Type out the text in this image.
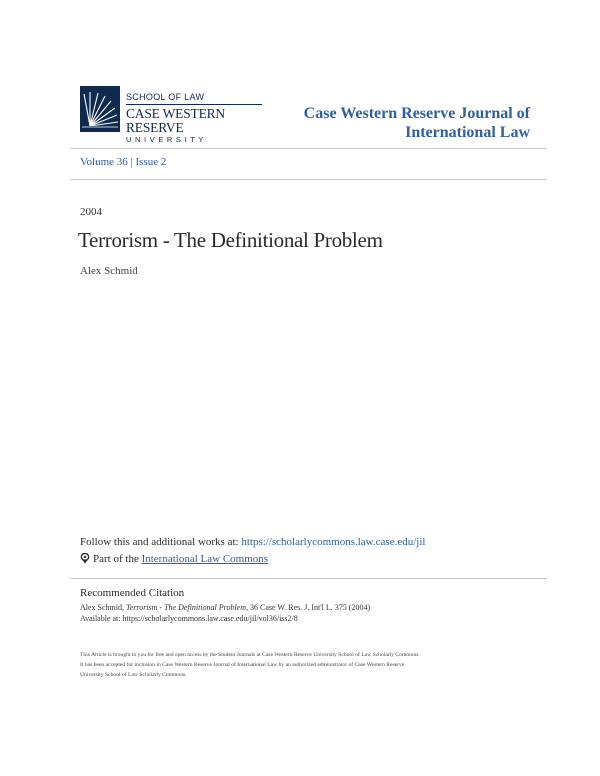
SCHOOL OF LAW
CASE WESTERN RESERVE
UNIVERSITY
Case Western Reserve Journal of
International Law
Volume 36 | Issue 2
2004
Terrorism - The Definitional Problem
Alex Schmid
Follow this and additional works at: https://scholarlycommons.law.case.edu/jil
Part of the International Law Commons
Recommended Citation
Alex Schmid, Terrorism - The Definitional Problem, 36 Case W. Res. J. Int'l L. 375 (2004)
Available at: https://scholarlycommons.law.case.edu/jil/vol36/iss2/8
This Article is brought to you for free and open access by the Student Journals at Case Western Reserve University School of Law Scholarly Commons.
It has been accepted for inclusion in Case Western Reserve Journal of International Law by an authorized administrator of Case Western Reserve
University School of Law Scholarly Commons.
